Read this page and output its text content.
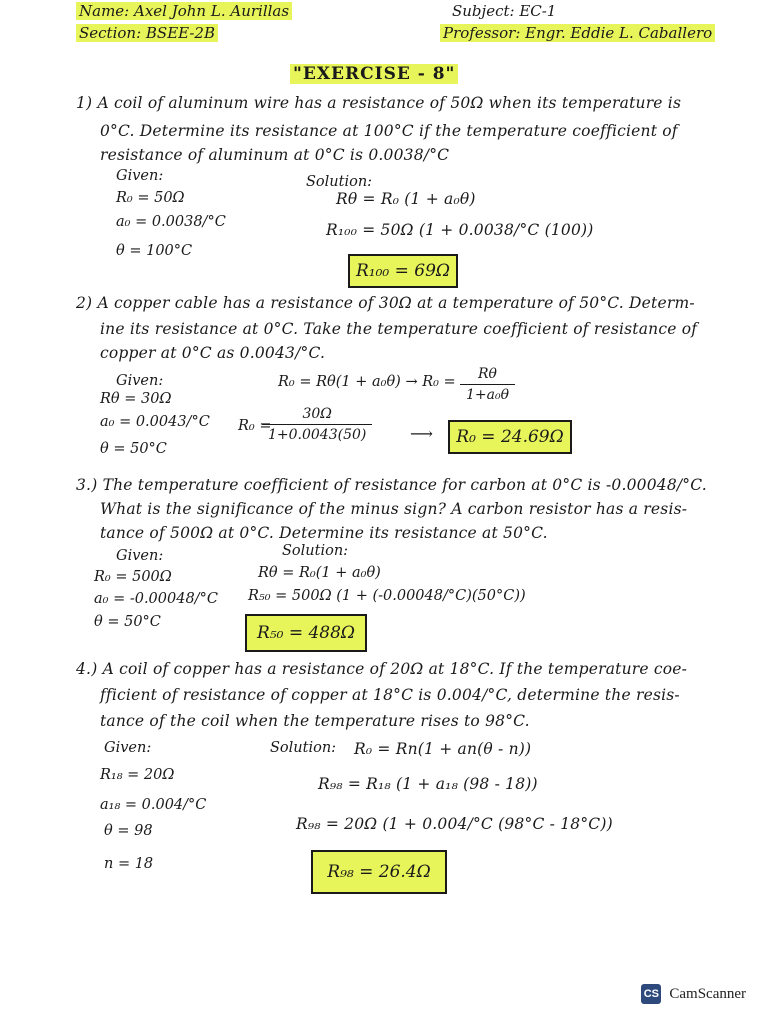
Name: Axel John L. Aurillas
Section: BSEE-2B
Subject: EC-1
Professor: Engr. Eddie L. Caballero
"EXERCISE - 8"
1) A coil of aluminum wire has a resistance of 50Ω when its temperature is
0°C. Determine its resistance at 100°C if the temperature coefficient of
resistance of aluminum at 0°C is 0.0038/°C
Given:
R₀ = 50Ω
a₀ = 0.0038/°C
θ = 100°C
Solution:
Rθ = R₀ (1 + a₀θ)
R₁₀₀ = 50Ω (1 + 0.0038/°C (100))
R₁₀₀ = 69Ω
2) A copper cable has a resistance of 30Ω at a temperature of 50°C. Determ-
ine its resistance at 0°C. Take the temperature coefficient of resistance of
copper at 0°C as 0.0043/°C.
Given:
Rθ = 30Ω
a₀ = 0.0043/°C
θ = 50°C
$R_0 = R\theta(1 + a_0\theta) \to R_0 = \frac{R\theta}{\text{1+a₀θ}}$
R₀ =
$\frac{30\Omega}{1+0.0043(50)}$ ⟶	R₀ = 24.69Ω
3.) The temperature coefficient of resistance for carbon at 0°C is -0.00048/°C.
What is the significance of the minus sign? A carbon resistor has a resis-
tance of 500Ω at 0°C. Determine its resistance at 50°C.
Given:
R₀ = 500Ω
a₀ = -0.00048/°C
θ = 50°C
Solution:
Rθ = R₀(1 + a₀θ)
R₅₀ = 500Ω (1 + (-0.00048/°C)(50°C))
R₅₀ = 488Ω
4.) A coil of copper has a resistance of 20Ω at 18°C. If the temperature coe-
fficient of resistance of copper at 18°C is 0.004/°C, determine the resis-
tance of the coil when the temperature rises to 98°C.
Given:
R₁₈ = 20Ω
a₁₈ = 0.004/°C
θ = 98
n = 18
Solution: R₀ = Rn(1 + an(θ - n))
R₉₈ = R₁₈ (1 + a₁₈ (98 - 18))
R₉₈ = 20Ω (1 + 0.004/°C (98°C - 18°C))
R₉₈ = 26.4Ω
CS CamScanner
